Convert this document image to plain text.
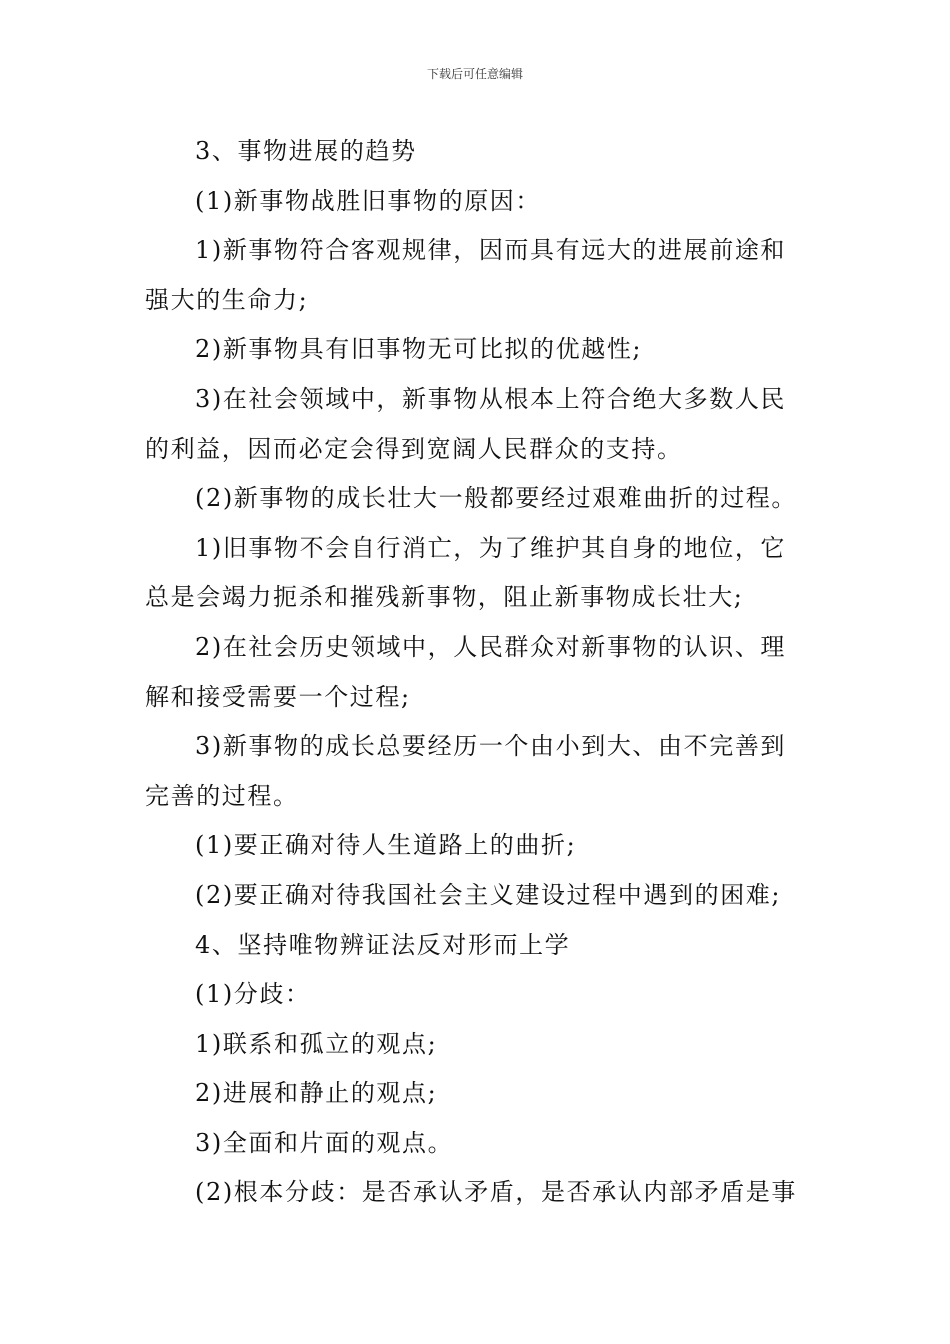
下载后可任意编辑

3、事物进展的趋势

(1)新事物战胜旧事物的原因：

1)新事物符合客观规律，因而具有远大的进展前途和

强大的生命力;

2)新事物具有旧事物无可比拟的优越性;

3)在社会领域中，新事物从根本上符合绝大多数人民

的利益，因而必定会得到宽阔人民群众的支持。

(2)新事物的成长壮大一般都要经过艰难曲折的过程。

1)旧事物不会自行消亡，为了维护其自身的地位，它

总是会竭力扼杀和摧残新事物，阻止新事物成长壮大;

2)在社会历史领域中，人民群众对新事物的认识、理

解和接受需要一个过程;

3)新事物的成长总要经历一个由小到大、由不完善到

完善的过程。

(1)要正确对待人生道路上的曲折;

(2)要正确对待我国社会主义建设过程中遇到的困难;

4、坚持唯物辨证法反对形而上学

(1)分歧：

1)联系和孤立的观点;

2)进展和静止的观点;

3)全面和片面的观点。

(2)根本分歧：是否承认矛盾，是否承认内部矛盾是事
